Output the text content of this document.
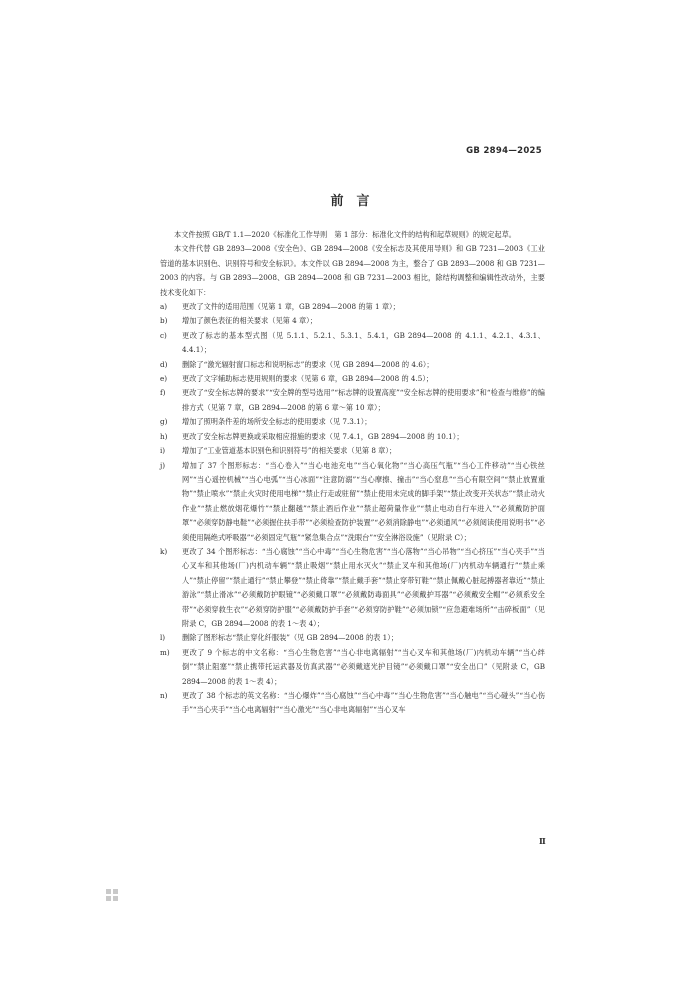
GB 2894—2025
前　言

本文件按照 GB/T 1.1—2020《标准化工作导则　第 1 部分：标准化文件的结构和起草规则》的规定起草。

本文件代替 GB 2893—2008《安全色》、GB 2894—2008《安全标志及其使用导则》和 GB 7231—2003《工业管道的基本识别色、识别符号和安全标识》。本文件以 GB 2894—2008 为主，整合了 GB 2893—2008 和 GB 7231—2003 的内容。与 GB 2893—2008、GB 2894—2008 和 GB 7231—2003 相比，除结构调整和编辑性改动外，主要技术变化如下：

a)	更改了文件的适用范围（见第 1 章，GB 2894—2008 的第 1 章）；
b)	增加了颜色表征的相关要求（见第 4 章）；
c)	更改了标志的基本型式图（见 5.1.1、5.2.1、5.3.1、5.4.1，GB 2894—2008 的 4.1.1、4.2.1、4.3.1、4.4.1）；
d)	删除了“激光辐射窗口标志和说明标志”的要求（见 GB 2894—2008 的 4.6）；
e)	更改了文字辅助标志使用规则的要求（见第 6 章，GB 2894—2008 的 4.5）；
f)	更改了“安全标志牌的要求”“安全牌的型号选用”“标志牌的设置高度”“安全标志牌的使用要求”和“检查与维修”的编排方式（见第 7 章，GB 2894—2008 的第 6 章～第 10 章）；
g)	增加了照明条件差的场所安全标志的使用要求（见 7.3.1）；
h)	更改了安全标志牌更换或采取相应措施的要求（见 7.4.1，GB 2894—2008 的 10.1）；
i)	增加了“工业管道基本识别色和识别符号”的相关要求（见第 8 章）；
j)	增加了 37 个图形标志：“当心卷入”“当心电池充电”“当心氧化物”“当心高压气瓶”“当心工件移动”“当心铁丝网”“当心遥控机械”“当心电弧”“当心冰面”“注意防溺”“当心摩擦、撞击”“当心窒息”“当心有限空间”“禁止放置重物”“禁止喷水”“禁止火灾时使用电梯”“禁止行走或驻留”“禁止使用未完成的脚手架”“禁止改变开关状态”“禁止动火作业”“禁止燃放烟花爆竹”“禁止翻越”“禁止酒后作业”“禁止超荷量作业”“禁止电动自行车进入”“必须戴防护面罩”“必须穿防静电鞋”“必须握住扶手带”“必须检查防护装置”“必须消除静电”“必须通风”“必须阅读使用说明书”“必须使用隔绝式呼吸器”“必须固定气瓶”“紧急集合点”“洗眼台”“安全淋浴设施”（见附录 C）；
k)	更改了 34 个图形标志：“当心腐蚀”“当心中毒”“当心生物危害”“当心落物”“当心吊物”“当心挤压”“当心夹手”“当心叉车和其他场(厂)内机动车辆”“禁止吸烟”“禁止用水灭火”“禁止叉车和其他场(厂)内机动车辆通行”“禁止乘人”“禁止停留”“禁止通行”“禁止攀登”“禁止倚靠”“禁止戴手套”“禁止穿带钉鞋”“禁止佩戴心脏起搏器者靠近”“禁止游泳”“禁止滑冰”“必须戴防护眼镜”“必须戴口罩”“必须戴防毒面具”“必须戴护耳器”“必须戴安全帽”“必须系安全带”“必须穿救生衣”“必须穿防护服”“必须戴防护手套”“必须穿防护鞋”“必须加锁”“应急避难场所”“击碎板面”（见附录 C，GB 2894—2008 的表 1～表 4）；
l)	删除了图形标志“禁止穿化纤服装”（见 GB 2894—2008 的表 1）；
m)	更改了 9 个标志的中文名称：“当心生物危害”“当心非电离辐射”“当心叉车和其他场(厂)内机动车辆”“当心绊倒”“禁止阻塞”“禁止携带托运武器及仿真武器”“必须戴遮光护目镜”“必须戴口罩”“安全出口”（见附录 C，GB 2894—2008 的表 1～表 4）；
n)	更改了 38 个标志的英文名称：“当心爆炸”“当心腐蚀”“当心中毒”“当心生物危害”“当心触电”“当心碰头”“当心伤手”“当心夹手”“当心电离辐射”“当心激光”“当心非电离辐射”“当心叉车
Ⅱ
